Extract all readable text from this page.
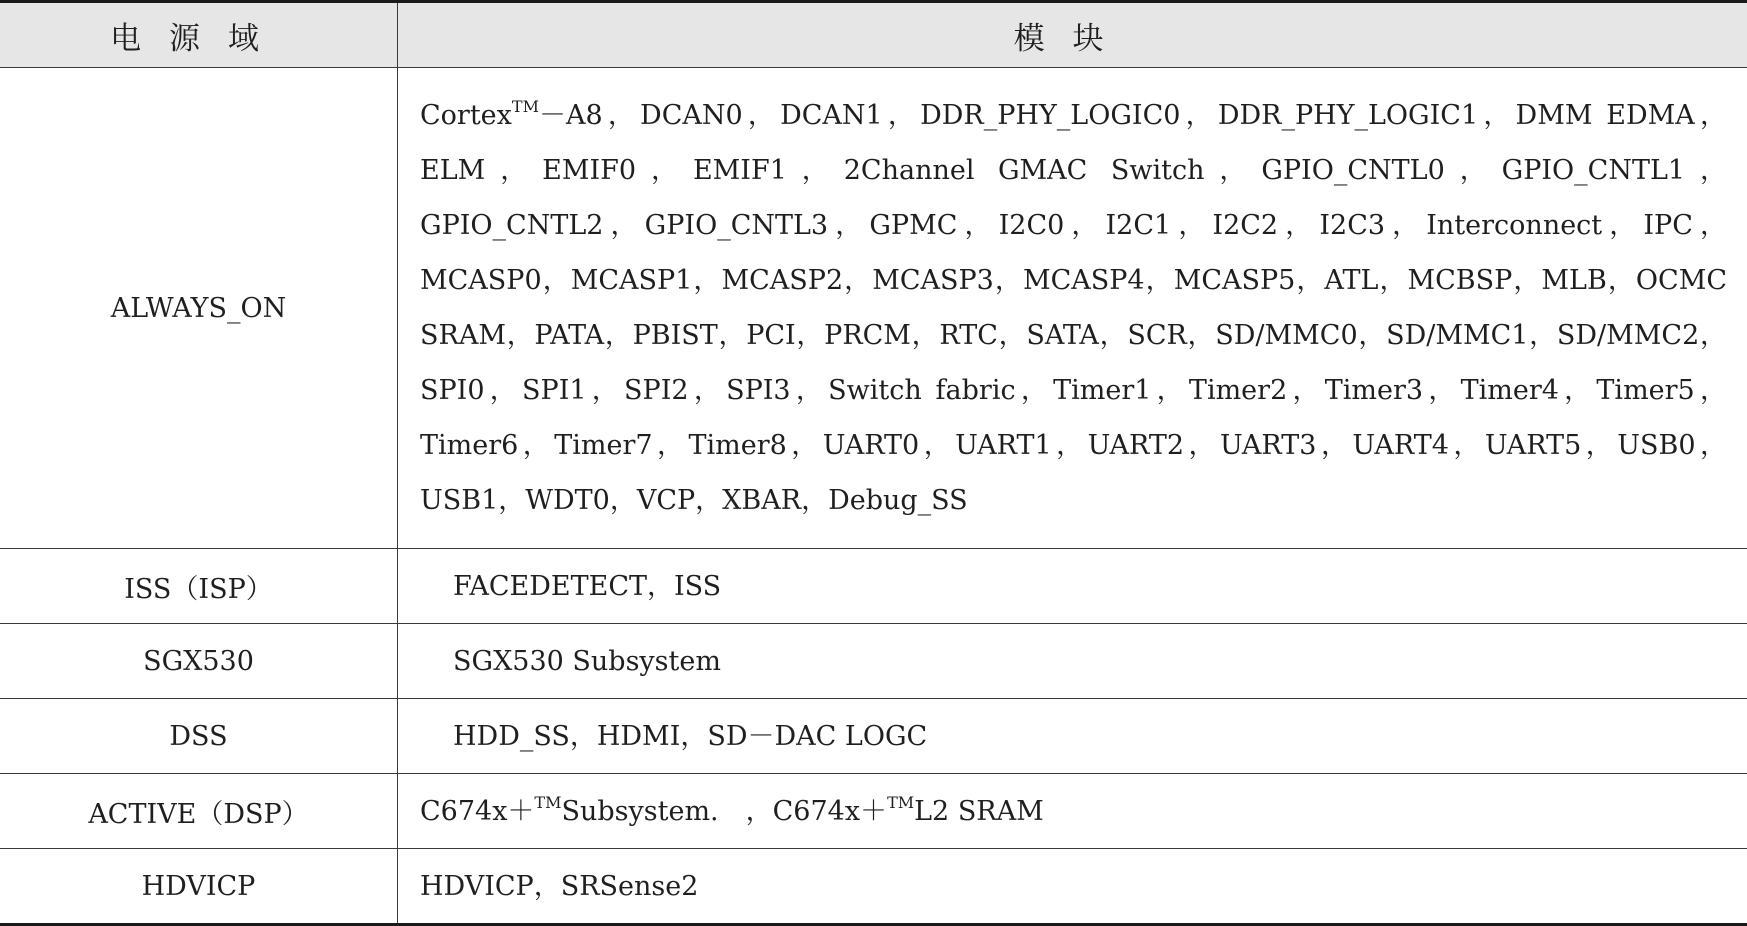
电源域	模块
ALWAYS_ON	Cortex™－A8，DCAN0，DCAN1，DDR_PHY_LOGIC0，DDR_PHY_LOGIC1，DMM EDMA，ELM，EMIF0，EMIF1，2Channel GMAC Switch，GPIO_CNTL0，GPIO_CNTL1，GPIO_CNTL2，GPIO_CNTL3，GPMC，I2C0，I2C1，I2C2，I2C3，Interconnect，IPC，MCASP0，MCASP1，MCASP2，MCASP3，MCASP4，MCASP5，ATL，MCBSP，MLB，OCMC SRAM，PATA，PBIST，PCI，PRCM，RTC，SATA，SCR，SD/MMC0，SD/MMC1，SD/MMC2，SPI0，SPI1，SPI2，SPI3，Switch fabric，Timer1，Timer2，Timer3，Timer4，Timer5，Timer6，Timer7，Timer8，UART0，UART1，UART2，UART3，UART4，UART5，USB0，USB1，WDT0，VCP，XBAR，Debug_SS

ISS（ISP）	FACEDETECT，ISS

SGX530	SGX530 Subsystem

DSS	HDD_SS，HDMI，SD－DAC LOGC

ACTIVE（DSP）	C674x＋™Subsystem.　，C674x＋™L2 SRAM

HDVICP	HDVICP，SRSense2
